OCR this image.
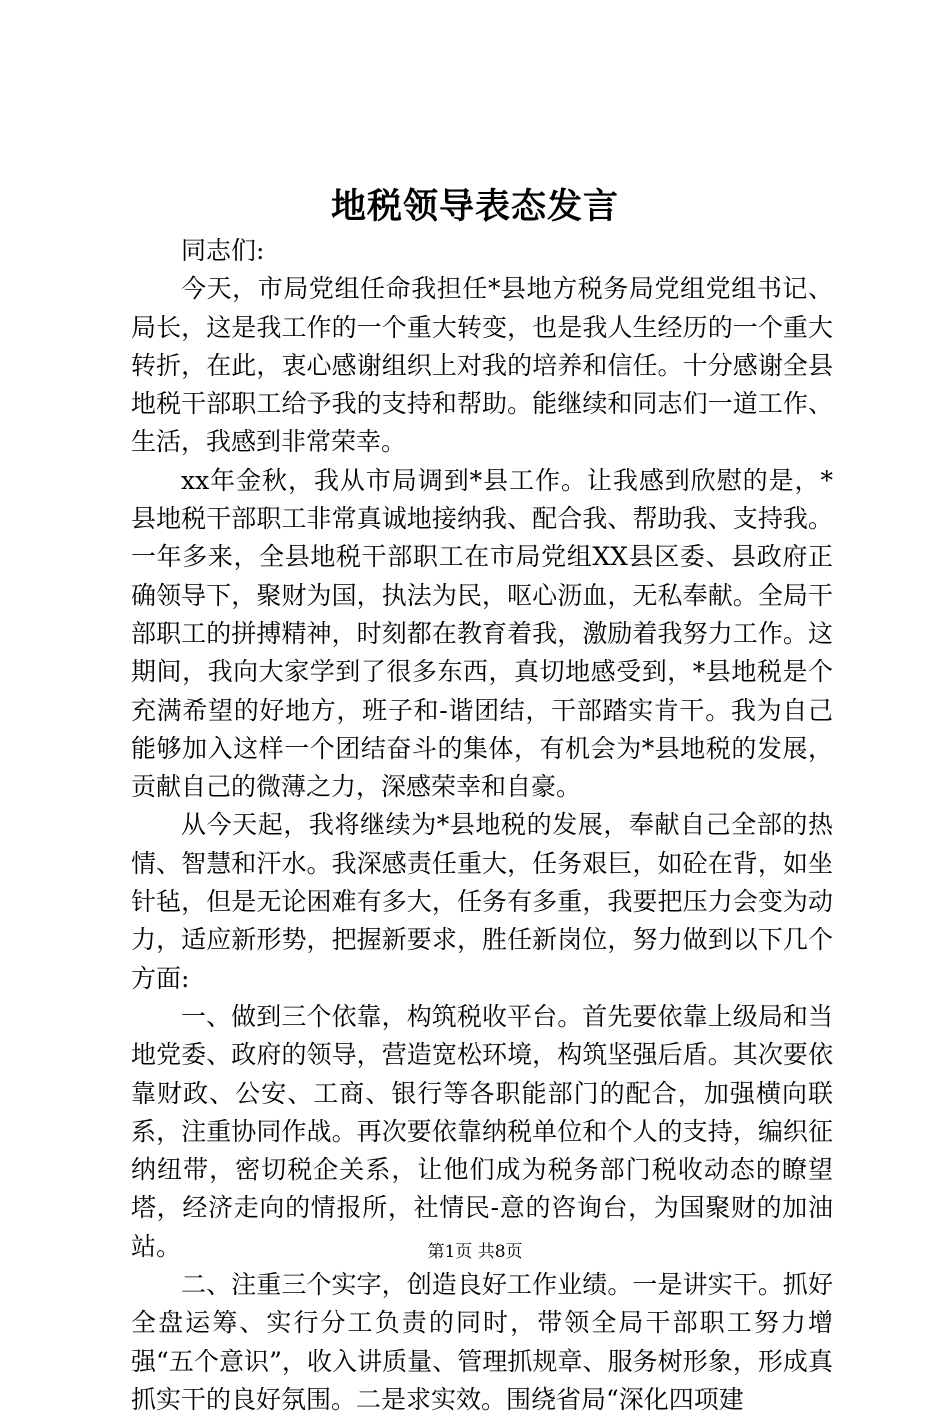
地税领导表态发言

同志们:

今天，市局党组任命我担任*县地方税务局党组党组书记、局长，这是我工作的一个重大转变，也是我人生经历的一个重大转折，在此，衷心感谢组织上对我的培养和信任。十分感谢全县地税干部职工给予我的支持和帮助。能继续和同志们一道工作、生活，我感到非常荣幸。

xx年金秋，我从市局调到*县工作。让我感到欣慰的是，*县地税干部职工非常真诚地接纳我、配合我、帮助我、支持我。一年多来，全县地税干部职工在市局党组XX县区委、县政府正确领导下，聚财为国，执法为民，呕心沥血，无私奉献。全局干部职工的拼搏精神，时刻都在教育着我，激励着我努力工作。这期间，我向大家学到了很多东西，真切地感受到，*县地税是个充满希望的好地方，班子和-谐团结，干部踏实肯干。我为自己能够加入这样一个团结奋斗的集体，有机会为*县地税的发展，贡献自己的微薄之力，深感荣幸和自豪。

从今天起，我将继续为*县地税的发展，奉献自己全部的热情、智慧和汗水。我深感责任重大，任务艰巨，如砼在背，如坐针毡，但是无论困难有多大，任务有多重，我要把压力会变为动力，适应新形势，把握新要求，胜任新岗位，努力做到以下几个方面:

一、做到三个依靠，构筑税收平台。首先要依靠上级局和当地党委、政府的领导，营造宽松环境，构筑坚强后盾。其次要依靠财政、公安、工商、银行等各职能部门的配合，加强横向联系，注重协同作战。再次要依靠纳税单位和个人的支持，编织征纳纽带，密切税企关系，让他们成为税务部门税收动态的瞭望塔，经济走向的情报所，社情民-意的咨询台，为国聚财的加油站。

二、注重三个实字，创造良好工作业绩。一是讲实干。抓好全盘运筹、实行分工负责的同时，带领全局干部职工努力增强“五个意识”，收入讲质量、管理抓规章、服务树形象，形成真抓实干的良好氛围。二是求实效。围绕省局“深化四项建

第1页 共8页
